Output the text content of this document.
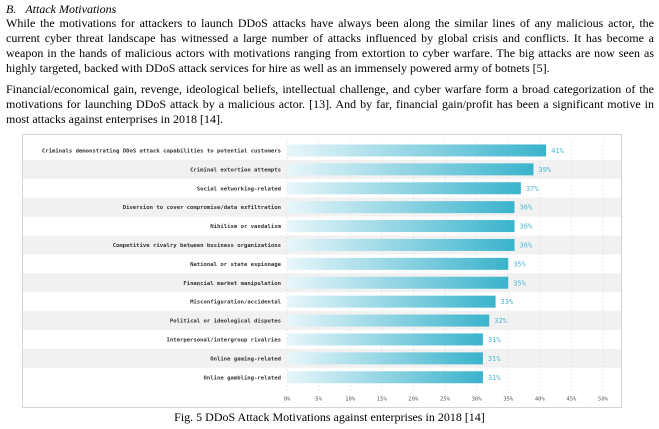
B.   Attack Motivations

While the motivations for attackers to launch DDoS attacks have always been along the similar lines of any malicious actor, the current cyber threat landscape has witnessed a large number of attacks influenced by global crisis and conflicts. It has become a weapon in the hands of malicious actors with motivations ranging from extortion to cyber warfare. The big attacks are now seen as highly targeted, backed with DDoS attack services for hire as well as an immensely powered army of botnets [5].

Financial/economical gain, revenge, ideological beliefs, intellectual challenge, and cyber warfare form a broad categorization of the motivations for launching DDoS attack by a malicious actor. [13]. And by far, financial gain/profit has been a significant motive in most attacks against enterprises in 2018 [14].

0%	5%	10%	15%	20%	25%	30%	35%	40%	45%	50%
Criminals demonstrating DDoS attack capabilities to potential customers	41%
Criminal extortion attempts	39%
Social networking-related	37%
Diversion to cover compromise/data exfiltration	36%
Nihilism or vandalism	36%
Competitive rivalry between business organizations	36%
National or state espionage	35%
Financial market manipulation	35%
Misconfiguration/accidental	33%
Political or ideological disputes	32%
Interpersonal/intergroup rivalries	31%
Online gaming-related	31%
Online gambling-related	31%
Fig. 5 DDoS Attack Motivations against enterprises in 2018 [14]
